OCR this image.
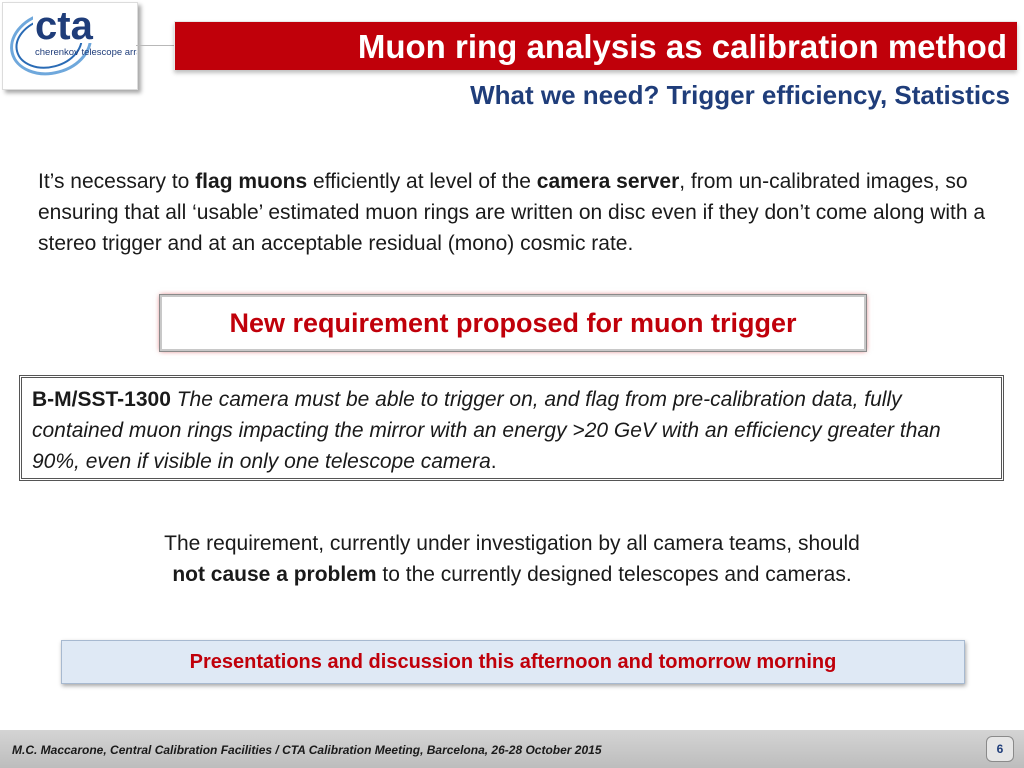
cta
cherenkov telescope array	Muon ring analysis as calibration method
What we need? Trigger efficiency, Statistics
It’s necessary to flag muons efficiently at level of the camera server, from un-calibrated images, so ensuring that all ‘usable’ estimated muon rings are written on disc even if they don’t come along with a stereo trigger and at an acceptable residual (mono) cosmic rate.
New requirement proposed for muon trigger
B-M/SST-1300 The camera must be able to trigger on, and flag from pre-calibration data, fully contained muon rings impacting the mirror with an energy >20 GeV with an efficiency greater than 90%, even if visible in only one telescope camera.
The requirement, currently under investigation by all camera teams, should
not cause a problem to the currently designed telescopes and cameras.
Presentations and discussion this afternoon and tomorrow morning
M.C. Maccarone, Central Calibration Facilities / CTA Calibration Meeting, Barcelona, 26-28 October 2015	6
